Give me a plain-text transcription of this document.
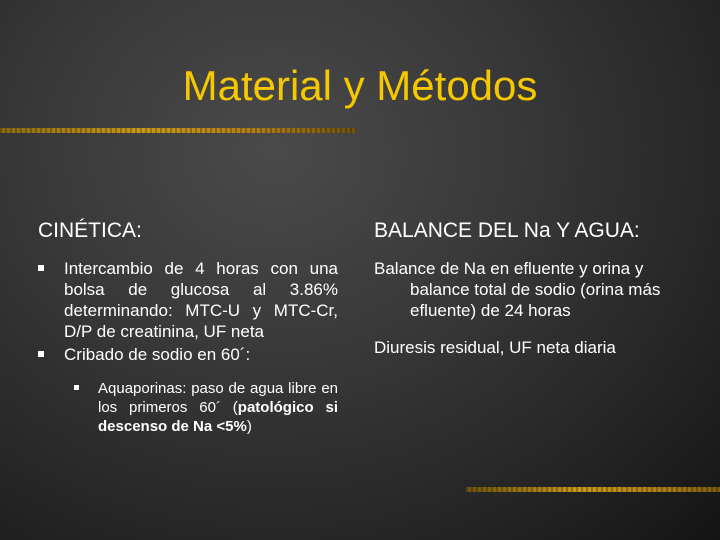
Material y Métodos
CINÉTICA:
Intercambio de 4 horas con una bolsa de glucosa al 3.86% determinando: MTC-U y MTC-Cr, D/P de creatinina, UF neta
Cribado de sodio en 60´:
Aquaporinas: paso de agua libre en los primeros 60´ (patológico si descenso de Na <5%)
BALANCE DEL Na Y AGUA:

Balance de Na en efluente y orina y balance total de sodio (orina más efluente) de 24 horas

Diuresis residual, UF neta diaria
